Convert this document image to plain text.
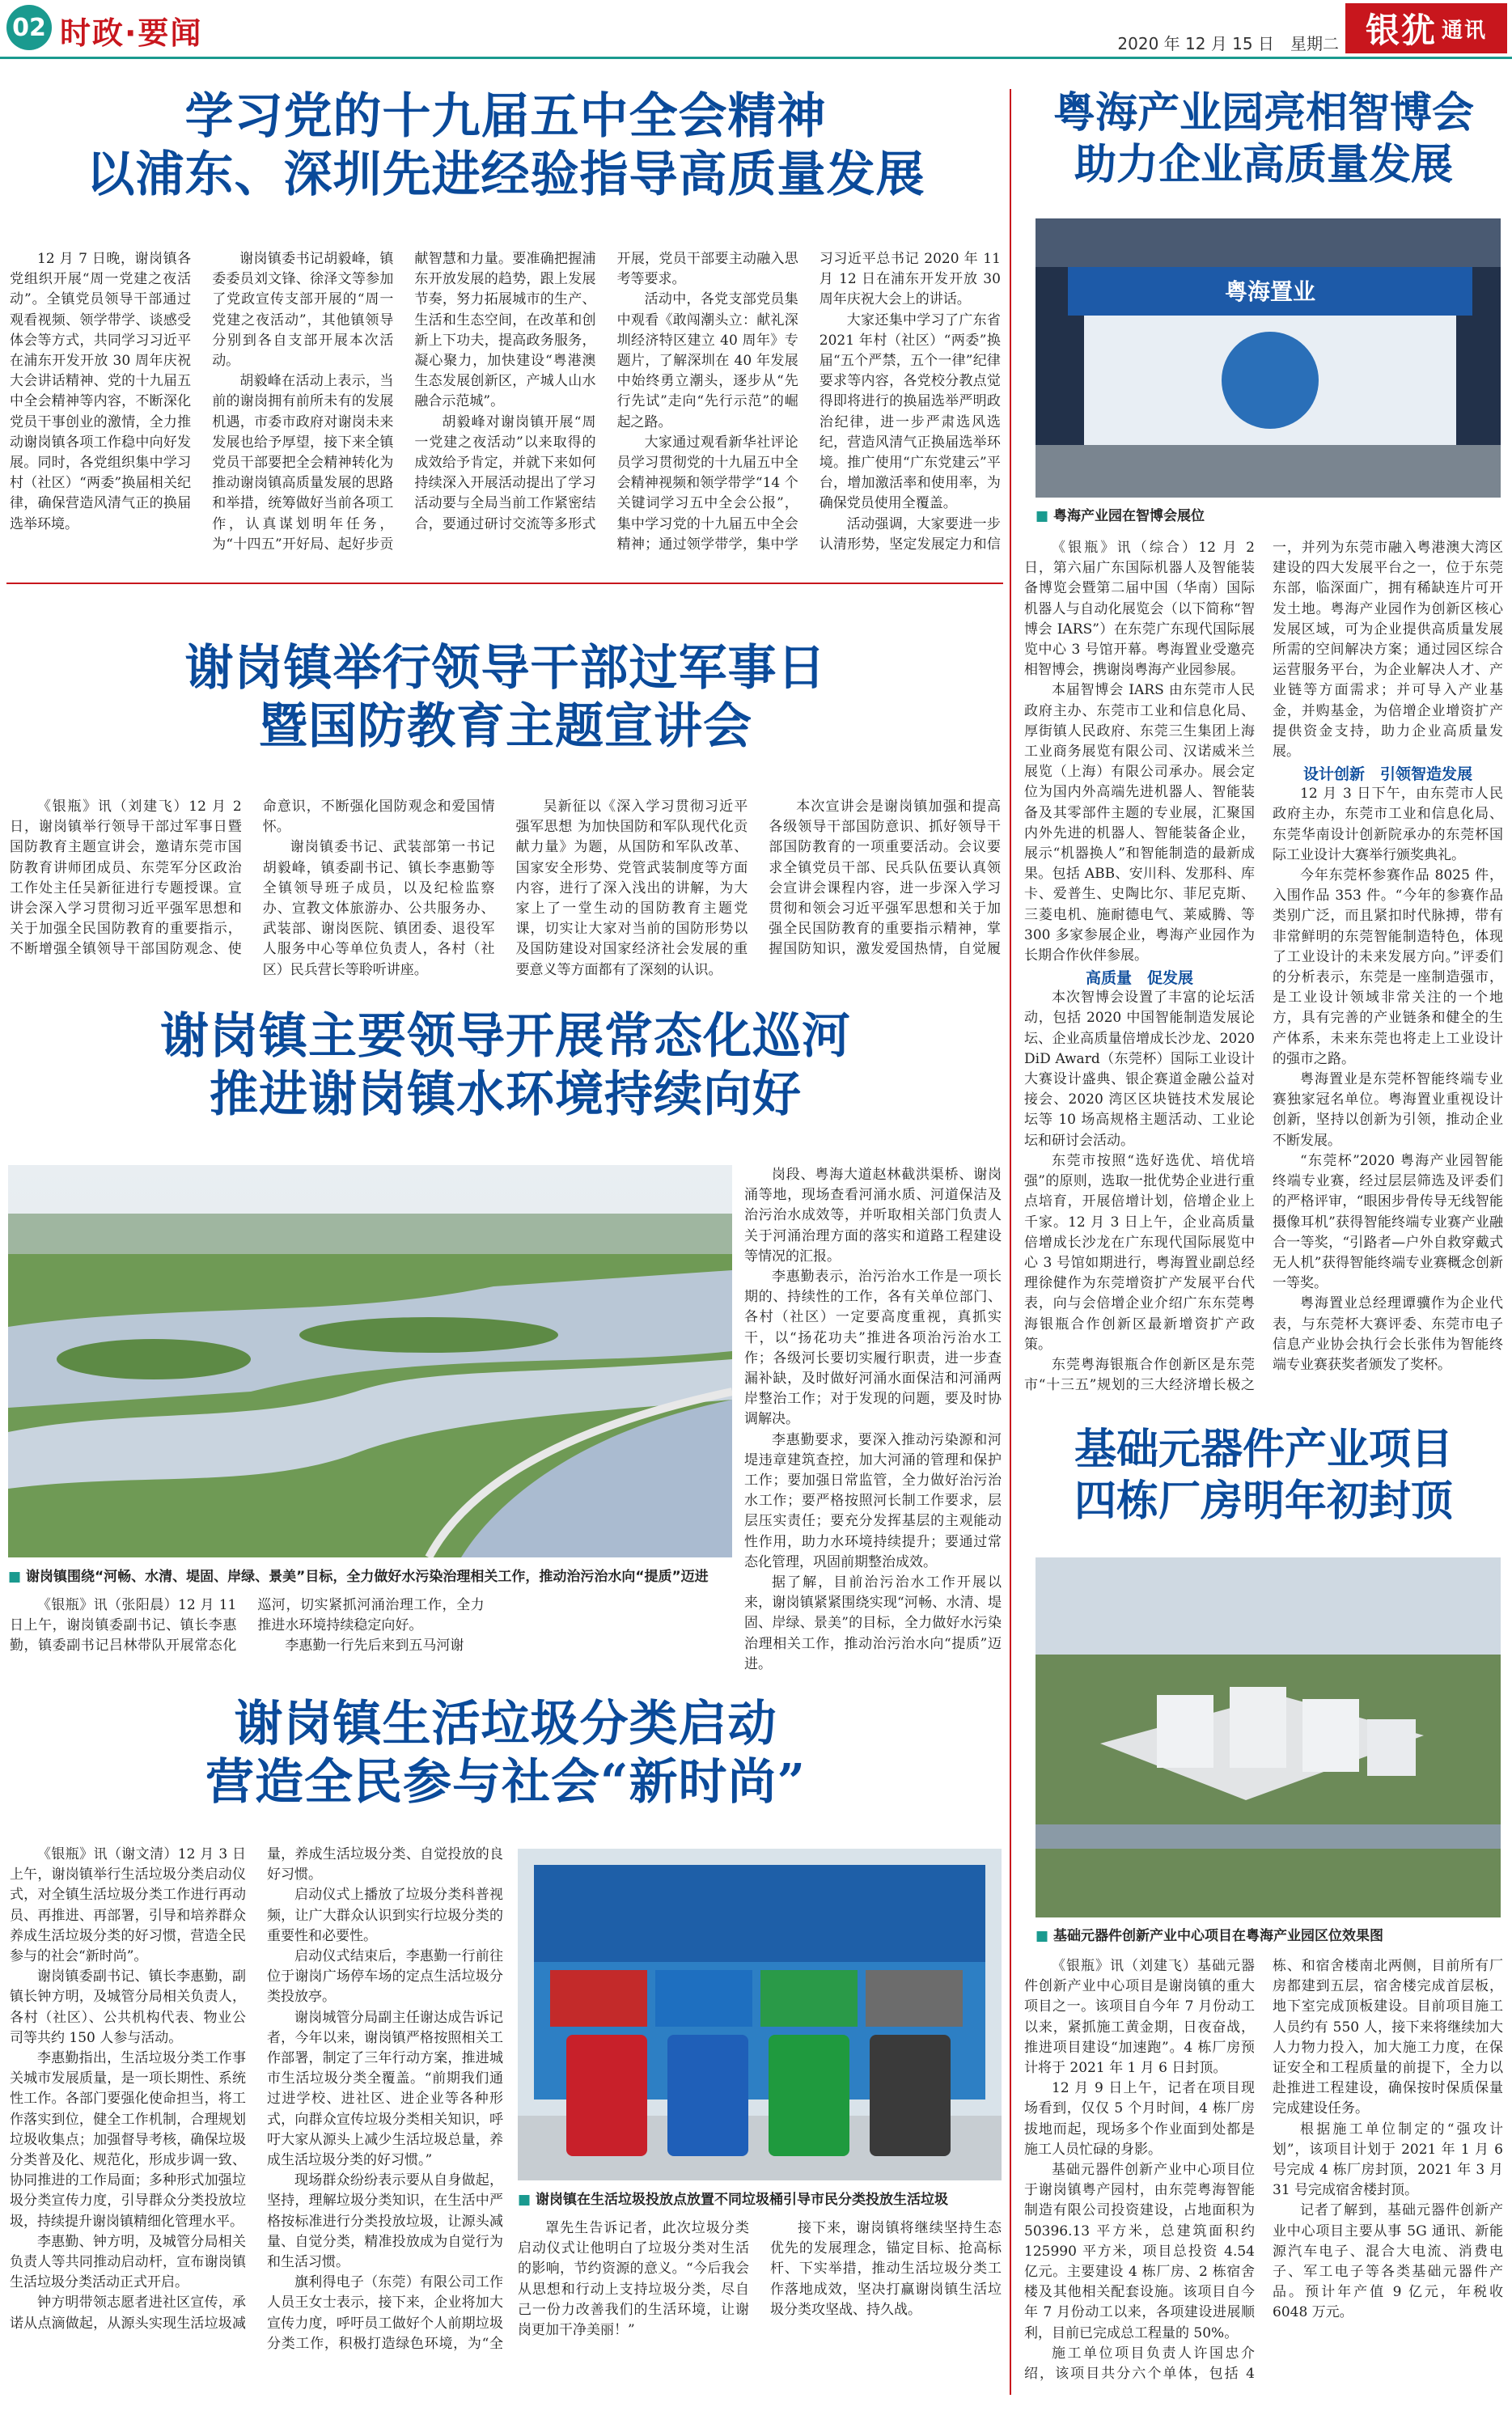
02 时政·要闻	2020 年 12 月 15 日　星期二 银犹 通讯
学习党的十九届五中全会精神
以浦东、深圳先进经验指导高质量发展

12 月 7 日晚，谢岗镇各党组织开展“周一党建之夜活动”。全镇党员领导干部通过观看视频、领学带学、谈感受体会等方式，共同学习习近平在浦东开发开放 30 周年庆祝大会讲话精神、党的十九届五中全会精神等内容，不断深化党员干事创业的激情，全力推动谢岗镇各项工作稳中向好发展。同时，各党组织集中学习村（社区）“两委”换届相关纪律，确保营造风清气正的换届选举环境。

谢岗镇委书记胡毅峰，镇委委员刘文锋、徐泽文等参加了党政宣传支部开展的“周一党建之夜活动”，其他镇领导分别到各自支部开展本次活动。

胡毅峰在活动上表示，当前的谢岗拥有前所未有的发展机遇，市委市政府对谢岗未来发展也给予厚望，接下来全镇党员干部要把全会精神转化为推动谢岗镇高质量发展的思路和举措，统筹做好当前各项工作，认真谋划明年任务，为“十四五”开好局、起好步贡献智慧和力量。要准确把握浦东开放发展的趋势，跟上发展节奏，努力拓展城市的生产、生活和生态空间，在改革和创新上下功夫，提高政务服务，凝心聚力，加快建设“粤港澳生态发展创新区，产城人山水融合示范城”。

胡毅峰对谢岗镇开展“周一党建之夜活动”以来取得的成效给予肯定，并就下来如何持续深入开展活动提出了学习活动要与全局当前工作紧密结合，要通过研讨交流等多形式开展，党员干部要主动融入思考等要求。

活动中，各党支部党员集中观看《敢闯潮头立：献礼深圳经济特区建立 40 周年》专题片，了解深圳在 40 年发展中始终勇立潮头，逐步从“先行先试”走向“先行示范”的崛起之路。

大家通过观看新华社评论员学习贯彻党的十九届五中全会精神视频和领学带学“14 个关键词学习五中全会公报”，集中学习党的十九届五中全会精神；通过领学带学，集中学习习近平总书记 2020 年 11 月 12 日在浦东开发开放 30 周年庆祝大会上的讲话。

大家还集中学习了广东省 2021 年村（社区）“两委”换届“五个严禁，五个一律”纪律要求等内容，各党校分教点觉得即将进行的换届选举严明政治纪律，进一步严肃选风选纪，营造风清气正换届选举环境。推广使用“广东党建云”平台，增加激活率和使用率，为确保党员使用全覆盖。

活动强调，大家要进一步认清形势，坚定发展定力和信

谢岗镇举行领导干部过军事日
暨国防教育主题宣讲会

《银瓶》讯（刘建飞）12 月 2 日，谢岗镇举行领导干部过军事日暨国防教育主题宣讲会，邀请东莞市国防教育讲师团成员、东莞军分区政治工作处主任吴新征进行专题授课。宣讲会深入学习贯彻习近平强军思想和关于加强全民国防教育的重要指示，不断增强全镇领导干部国防观念、使命意识，不断强化国防观念和爱国情怀。

谢岗镇委书记、武装部第一书记胡毅峰，镇委副书记、镇长李惠勤等全镇领导班子成员，以及纪检监察办、宣教文体旅游办、公共服务办、武装部、谢岗医院、镇团委、退役军人服务中心等单位负责人，各村（社区）民兵营长等聆听讲座。

吴新征以《深入学习贯彻习近平强军思想 为加快国防和军队现代化贡献力量》为题，从国防和军队改革、国家安全形势、党管武装制度等方面内容，进行了深入浅出的讲解，为大家上了一堂生动的国防教育主题党课，切实让大家对当前的国防形势以及国防建设对国家经济社会发展的重要意义等方面都有了深刻的认识。

本次宣讲会是谢岗镇加强和提高各级领导干部国防意识、抓好领导干部国防教育的一项重要活动。会议要求全镇党员干部、民兵队伍要认真领会宣讲会课程内容，进一步深入学习贯彻和领会习近平强军思想和关于加强全民国防教育的重要指示精神，掌握国防知识，激发爱国热情，自觉履

谢岗镇主要领导开展常态化巡河
推进谢岗镇水环境持续向好
■ 谢岗镇围绕“河畅、水清、堤固、岸绿、景美”目标，全力做好水污染治理相关工作，推动治污治水向“提质”迈进

《银瓶》讯（张阳晨）12 月 11 日上午，谢岗镇委副书记、镇长李惠勤，镇委副书记吕林带队开展常态化巡河，切实紧抓河涌治理工作，全力推进水环境持续稳定向好。

李惠勤一行先后来到五马河谢

岗段、粤海大道赵林截洪渠桥、谢岗涌等地，现场查看河涌水质、河道保洁及治污治水成效等，并听取相关部门负责人关于河涌治理方面的落实和道路工程建设等情况的汇报。

李惠勤表示，治污治水工作是一项长期的、持续性的工作，各有关单位部门、各村（社区）一定要高度重视，真抓实干，以“扬花功夫”推进各项治污治水工作；各级河长要切实履行职责，进一步查漏补缺，及时做好河涌水面保洁和河涌两岸整治工作；对于发现的问题，要及时协调解决。

李惠勤要求，要深入推动污染源和河堤违章建筑查控，加大河涌的管理和保护工作；要加强日常监管，全力做好治污治水工作；要严格按照河长制工作要求，层层压实责任；要充分发挥基层的主观能动性作用，助力水环境持续提升；要通过常态化管理，巩固前期整治成效。

据了解，目前治污治水工作开展以来，谢岗镇紧紧围绕实现“河畅、水清、堤固、岸绿、景美”的目标，全力做好水污染治理相关工作，推动治污治水向“提质”迈进。

谢岗镇生活垃圾分类启动
营造全民参与社会“新时尚”

《银瓶》讯（谢文清）12 月 3 日上午，谢岗镇举行生活垃圾分类启动仪式，对全镇生活垃圾分类工作进行再动员、再推进、再部署，引导和培养群众养成生活垃圾分类的好习惯，营造全民参与的社会“新时尚”。

谢岗镇委副书记、镇长李惠勤，副镇长钟方明，及城管分局相关负责人，各村（社区）、公共机构代表、物业公司等共约 150 人参与活动。

李惠勤指出，生活垃圾分类工作事关城市发展质量，是一项长期性、系统性工作。各部门要强化使命担当，将工作落实到位，健全工作机制，合理规划垃圾收集点；加强督导考核，确保垃圾分类普及化、规范化，形成步调一致、协同推进的工作局面；多种形式加强垃圾分类宣传力度，引导群众分类投放垃圾，持续提升谢岗镇精细化管理水平。

李惠勤、钟方明，及城管分局相关负责人等共同推动启动杆，宣布谢岗镇生活垃圾分类活动正式开启。

钟方明带领志愿者进社区宣传，承诺从点滴做起，从源头实现生活垃圾减量，养成生活垃圾分类、自觉投放的良好习惯。

启动仪式上播放了垃圾分类科普视频，让广大群众认识到实行垃圾分类的重要性和必要性。

启动仪式结束后，李惠勤一行前往位于谢岗广场停车场的定点生活垃圾分类投放亭。

谢岗城管分局副主任谢达成告诉记者，今年以来，谢岗镇严格按照相关工作部署，制定了三年行动方案，推进城市生活垃圾分类全覆盖。“前期我们通过进学校、进社区、进企业等各种形式，向群众宣传垃圾分类相关知识，呼吁大家从源头上减少生活垃圾总量，养成生活垃圾分类的好习惯。”

现场群众纷纷表示要从自身做起，坚持，理解垃圾分类知识，在生活中严格按标准进行分类投放垃圾，让源头减量、自觉分类，精准投放成为自觉行为和生活习惯。

旗利得电子（东莞）有限公司工作人员王女士表示，接下来，企业将加大宣传力度，呼吁员工做好个人前期垃圾分类工作，积极打造绿色环境，为“全

■ 谢岗镇在生活垃圾投放点放置不同垃圾桶引导市民分类投放生活垃圾

罩先生告诉记者，此次垃圾分类启动仪式让他明白了垃圾分类对生活的影响，节约资源的意义。“今后我会从思想和行动上支持垃圾分类，尽自己一份力改善我们的生活环境，让谢岗更加干净美丽！”

接下来，谢岗镇将继续坚持生态优先的发展理念，锚定目标、抢高标杆、下实举措，推动生活垃圾分类工作落地成效，坚决打赢谢岗镇生活垃圾分类攻坚战、持久战。

粤海产业园亮相智博会
助力企业高质量发展
粤海置业
■ 粤海产业园在智博会展位

《银瓶》讯（综合）12 月 2 日，第六届广东国际机器人及智能装备博览会暨第二届中国（华南）国际机器人与自动化展览会（以下简称“智博会 IARS”）在东莞广东现代国际展览中心 3 号馆开幕。粤海置业受邀亮相智博会，携谢岗粤海产业园参展。

本届智博会 IARS 由东莞市人民政府主办、东莞市工业和信息化局、厚街镇人民政府、东莞三生集团上海工业商务展览有限公司、汉诺威米兰展览（上海）有限公司承办。展会定位为国内外高端先进机器人、智能装备及其零部件主题的专业展，汇聚国内外先进的机器人、智能装备企业，展示“机器换人”和智能制造的最新成果。包括 ABB、安川科、发那科、库卡、爱普生、史陶比尔、菲尼克斯、三菱电机、施耐德电气、莱威腾、等 300 多家参展企业，粤海产业园作为长期合作伙伴参展。

高质量　促发展

本次智博会设置了丰富的论坛活动，包括 2020 中国智能制造发展论坛、企业高质量倍增成长沙龙、2020 DiD Award（东莞杯）国际工业设计大赛设计盛典、银企赛道金融公益对接会、2020 湾区区块链技术发展论坛等 10 场高规格主题活动、工业论坛和研讨会活动。

东莞市按照“选好选优、培优培强”的原则，选取一批优势企业进行重点培育，开展倍增计划，倍增企业上千家。12 月 3 日上午，企业高质量倍增成长沙龙在广东现代国际展览中心 3 号馆如期进行，粤海置业副总经理徐健作为东莞增资扩产发展平台代表，向与会倍增企业介绍广东东莞粤海银瓶合作创新区最新增资扩产政策。

东莞粤海银瓶合作创新区是东莞市“十三五”规划的三大经济增长极之一，并列为东莞市融入粤港澳大湾区建设的四大发展平台之一，位于东莞东部，临深面广，拥有稀缺连片可开发土地。粤海产业园作为创新区核心发展区域，可为企业提供高质量发展所需的空间解决方案；通过园区综合运营服务平台，为企业解决人才、产业链等方面需求；并可导入产业基金，并购基金，为倍增企业增资扩产提供资金支持，助力企业高质量发展。

设计创新　引领智造发展

12 月 3 日下午，由东莞市人民政府主办，东莞市工业和信息化局、东莞华南设计创新院承办的东莞杯国际工业设计大赛举行颁奖典礼。

今年东莞杯参赛作品 8025 件，入围作品 353 件。“今年的参赛作品类别广泛，而且紧扣时代脉搏，带有非常鲜明的东莞智能制造特色，体现了工业设计的未来发展方向。”评委们的分析表示，东莞是一座制造强市，是工业设计领域非常关注的一个地方，具有完善的产业链条和健全的生产体系，未来东莞也将走上工业设计的强市之路。

粤海置业是东莞杯智能终端专业赛独家冠名单位。粤海置业重视设计创新，坚持以创新为引领，推动企业不断发展。

“东莞杯”2020 粤海产业园智能终端专业赛，经过层层筛选及评委们的严格评审，“眼困步骨传导无线智能摄像耳机”获得智能终端专业赛产业融合一等奖，“引路者—户外自救穿戴式无人机”获得智能终端专业赛概念创新一等奖。

粤海置业总经理谭骥作为企业代表，与东莞杯大赛评委、东莞市电子信息产业协会执行会长张伟为智能终端专业赛获奖者颁发了奖杯。

基础元器件产业项目
四栋厂房明年初封顶
■ 基础元器件创新产业中心项目在粤海产业园区位效果图

《银瓶》讯（刘建飞）基础元器件创新产业中心项目是谢岗镇的重大项目之一。该项目自今年 7 月份动工以来，紧抓施工黄金期，日夜奋战，推进项目建设“加速跑”。4 栋厂房预计将于 2021 年 1 月 6 日封顶。

12 月 9 日上午，记者在项目现场看到，仅仅 5 个月时间，4 栋厂房拔地而起，现场多个作业面到处都是施工人员忙碌的身影。

基础元器件创新产业中心项目位于谢岗镇粤产园村，由东莞粤海智能制造有限公司投资建设，占地面积为 50396.13 平方米，总建筑面积约 125990 平方米，项目总投资 4.54 亿元。主要建设 4 栋厂房、2 栋宿舍楼及其他相关配套设施。该项目自今年 7 月份动工以来，各项建设进展顺利，目前已完成总工程量的 50%。

施工单位项目负责人许国忠介绍，该项目共分六个单体，包括 4 栋、和宿舍楼南北两侧，目前所有厂房都建到五层，宿舍楼完成首层板，地下室完成顶板建设。目前项目施工人员约有 550 人，接下来将继续加大人力物力投入，加大施工力度，在保证安全和工程质量的前提下，全力以赴推进工程建设，确保按时保质保量完成建设任务。

根据施工单位制定的“强攻计划”，该项目计划于 2021 年 1 月 6 号完成 4 栋厂房封顶，2021 年 3 月 31 号完成宿舍楼封顶。

记者了解到，基础元器件创新产业中心项目主要从事 5G 通讯、新能源汽车电子、混合大电流、消费电子、军工电子等各类基础元器件产品。预计年产值 9 亿元，年税收 6048 万元。
